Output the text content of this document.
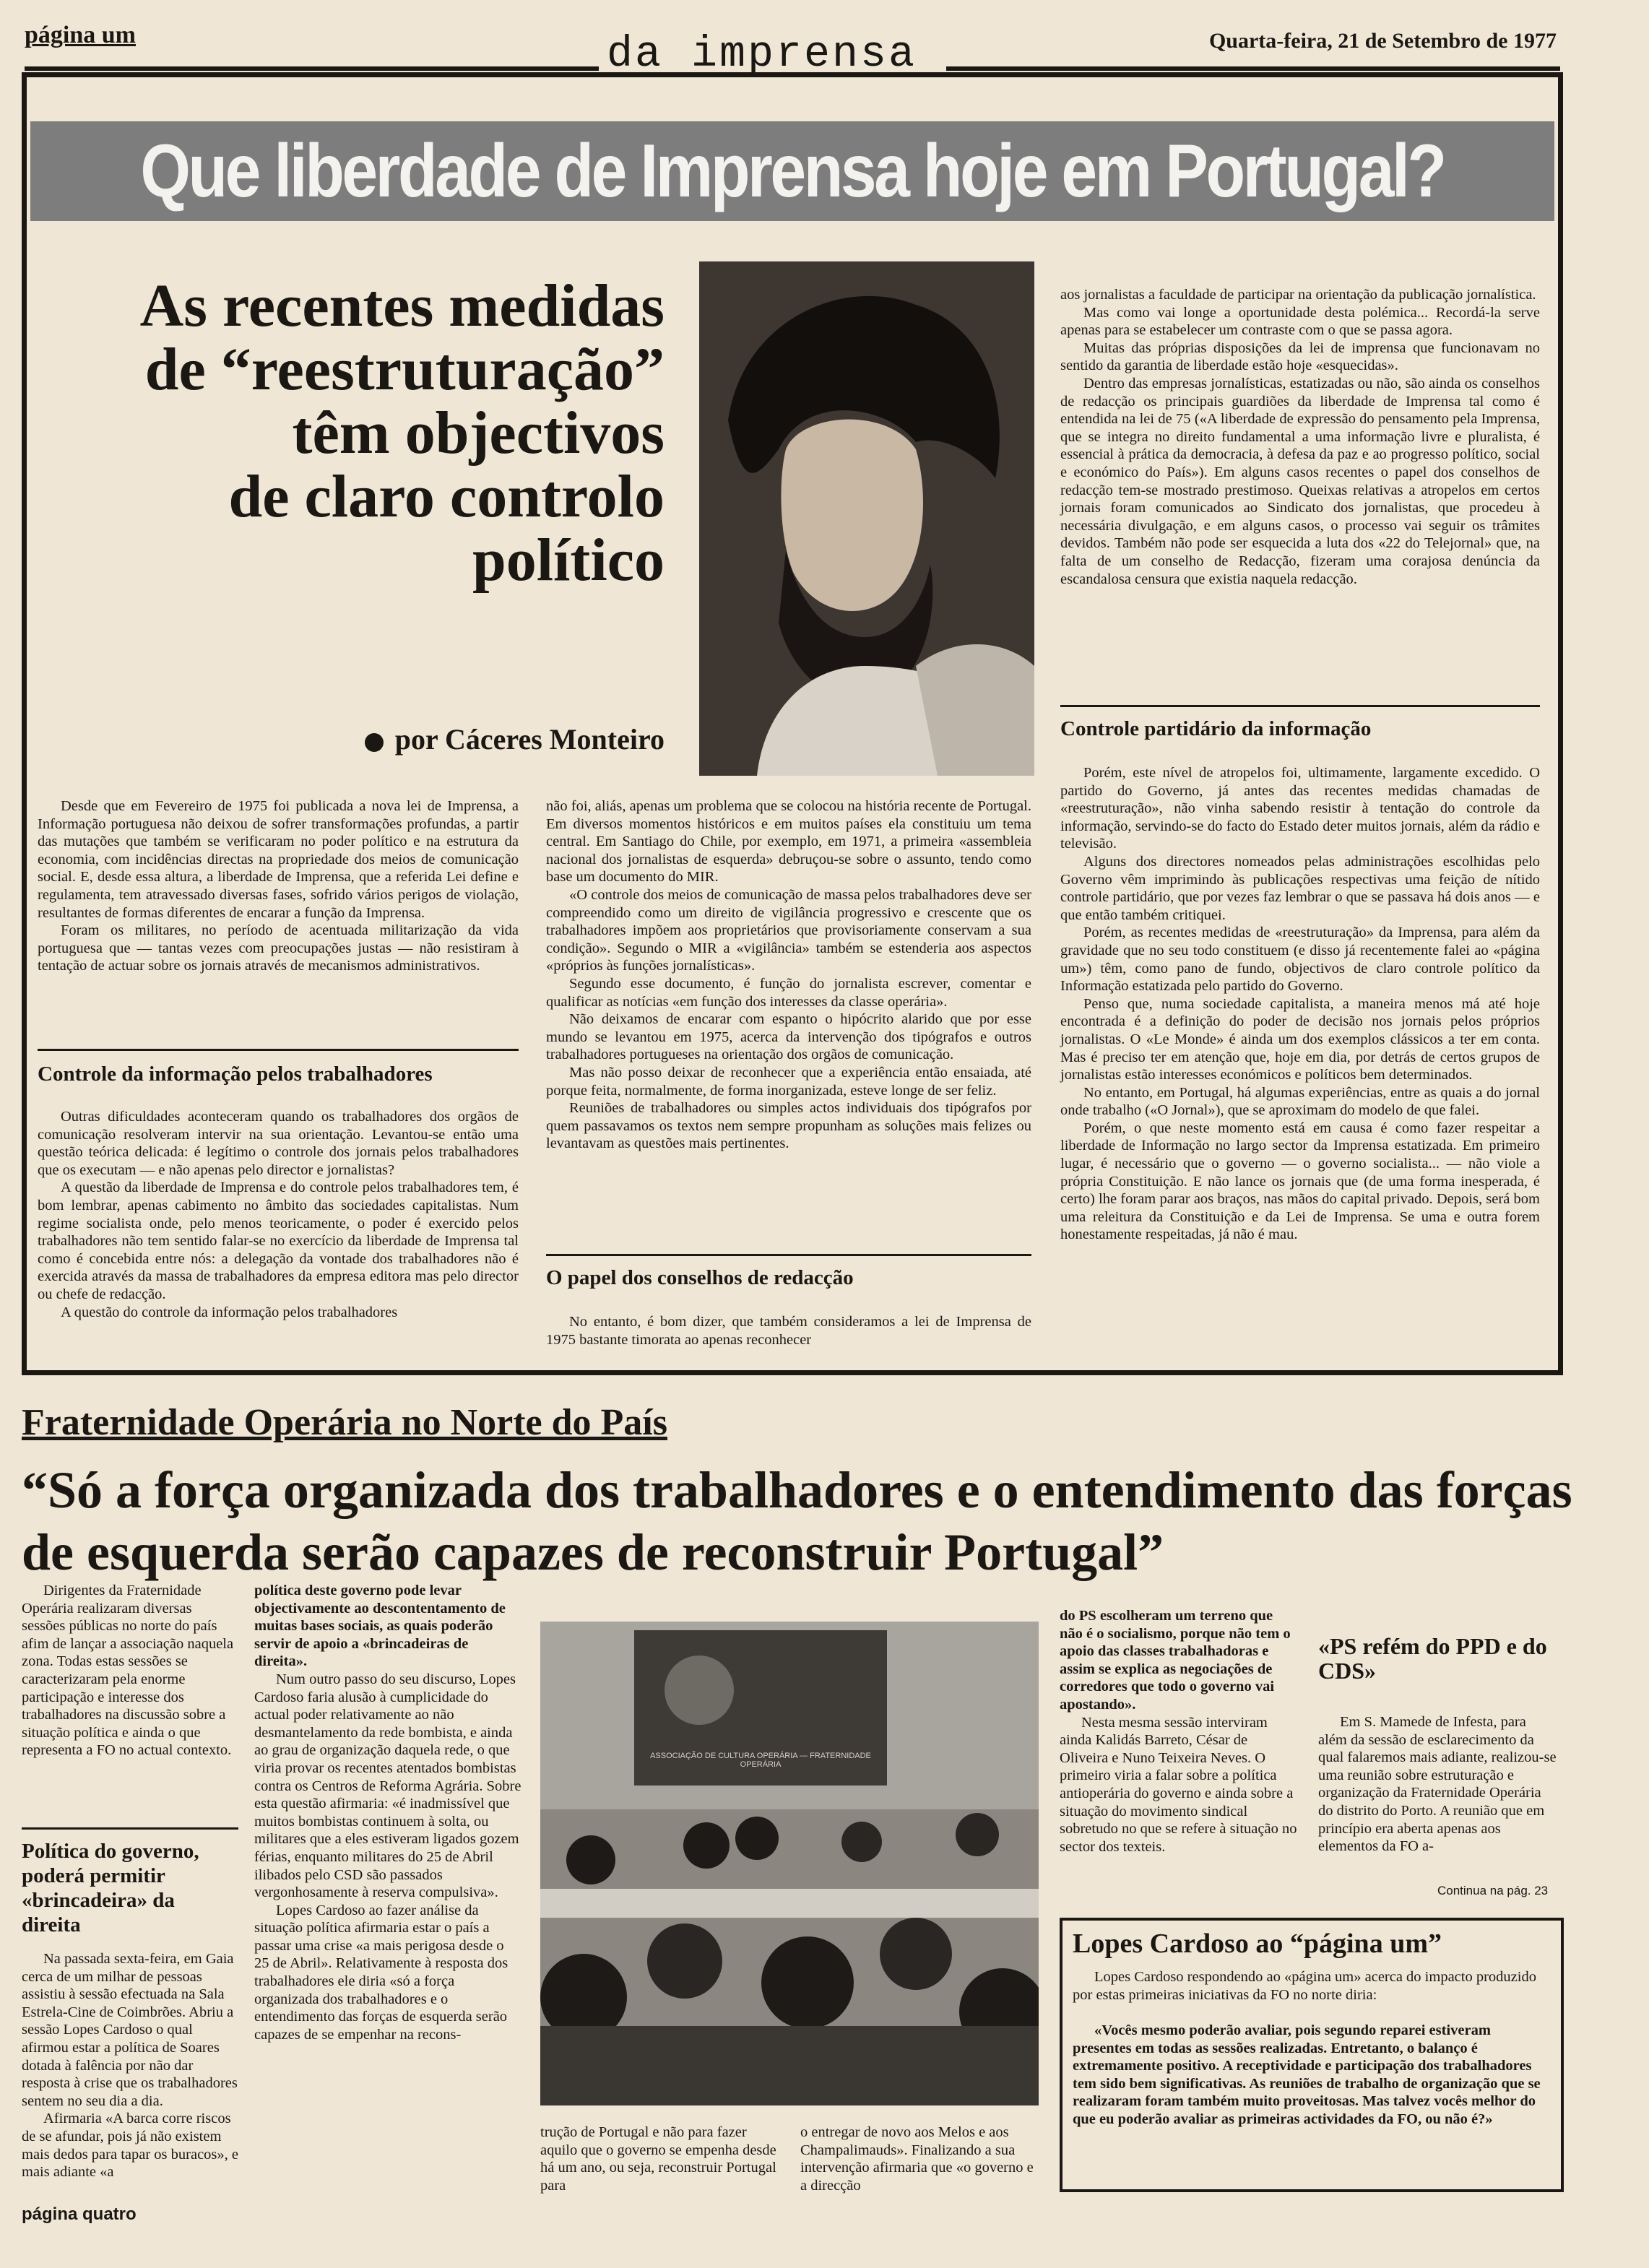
página um	da imprensa	Quarta-feira, 21 de Setembro de 1977
Que liberdade de Imprensa hoje em Portugal?
As recentes medidas
de “reestruturação”
têm objectivos
de claro controlo
político
por Cáceres Monteiro

Desde que em Fevereiro de 1975 foi publicada a nova lei de Imprensa, a Informação portuguesa não deixou de sofrer transformações profundas, a partir das mutações que também se verificaram no poder político e na estrutura da economia, com incidências directas na propriedade dos meios de comunicação social. E, desde essa altura, a liberdade de Imprensa, que a referida Lei define e regulamenta, tem atravessado diversas fases, sofrido vários perigos de violação, resultantes de formas diferentes de encarar a função da Imprensa.

Foram os militares, no período de acentuada militarização da vida portuguesa que — tantas vezes com preocupações justas — não resistiram à tentação de actuar sobre os jornais através de mecanismos administrativos.

Controle da informação pelos trabalhadores

Outras dificuldades aconteceram quando os trabalhadores dos orgãos de comunicação resolveram intervir na sua orientação. Levantou-se então uma questão teórica delicada: é legítimo o controle dos jornais pelos trabalhadores que os executam — e não apenas pelo director e jornalistas?

A questão da liberdade de Imprensa e do controle pelos trabalhadores tem, é bom lembrar, apenas cabimento no âmbito das sociedades capitalistas. Num regime socialista onde, pelo menos teoricamente, o poder é exercido pelos trabalhadores não tem sentido falar-se no exercício da liberdade de Imprensa tal como é concebida entre nós: a delegação da vontade dos trabalhadores não é exercida através da massa de trabalhadores da empresa editora mas pelo director ou chefe de redacção.

A questão do controle da informação pelos trabalhadores

não foi, aliás, apenas um problema que se colocou na história recente de Portugal. Em diversos momentos históricos e em muitos países ela constituiu um tema central. Em Santiago do Chile, por exemplo, em 1971, a primeira «assembleia nacional dos jornalistas de esquerda» debruçou-se sobre o assunto, tendo como base um documento do MIR.

«O controle dos meios de comunicação de massa pelos trabalhadores deve ser compreendido como um direito de vigilância progressivo e crescente que os trabalhadores impõem aos proprietários que provisoriamente conservam a sua condição». Segundo o MIR a «vigilância» também se estenderia aos aspectos «próprios às funções jornalísticas».

Segundo esse documento, é função do jornalista escrever, comentar e qualificar as notícias «em função dos interesses da classe operária».

Não deixamos de encarar com espanto o hipócrito alarido que por esse mundo se levantou em 1975, acerca da intervenção dos tipógrafos e outros trabalhadores portugueses na orientação dos orgãos de comunicação.

Mas não posso deixar de reconhecer que a experiência então ensaiada, até porque feita, normalmente, de forma inorganizada, esteve longe de ser feliz.

Reuniões de trabalhadores ou simples actos individuais dos tipógrafos por quem passavamos os textos nem sempre propunham as soluções mais felizes ou levantavam as questões mais pertinentes.

O papel dos conselhos de redacção

No entanto, é bom dizer, que também consideramos a lei de Imprensa de 1975 bastante timorata ao apenas reconhecer

aos jornalistas a faculdade de participar na orientação da publicação jornalística.

Mas como vai longe a oportunidade desta polémica... Recordá-la serve apenas para se estabelecer um contraste com o que se passa agora.

Muitas das próprias disposições da lei de imprensa que funcionavam no sentido da garantia de liberdade estão hoje «esquecidas».

Dentro das empresas jornalísticas, estatizadas ou não, são ainda os conselhos de redacção os principais guardiões da liberdade de Imprensa tal como é entendida na lei de 75 («A liberdade de expressão do pensamento pela Imprensa, que se integra no direito fundamental a uma informação livre e pluralista, é essencial à prática da democracia, à defesa da paz e ao progresso político, social e económico do País»). Em alguns casos recentes o papel dos conselhos de redacção tem-se mostrado prestimoso. Queixas relativas a atropelos em certos jornais foram comunicados ao Sindicato dos jornalistas, que procedeu à necessária divulgação, e em alguns casos, o processo vai seguir os trâmites devidos. Também não pode ser esquecida a luta dos «22 do Telejornal» que, na falta de um conselho de Redacção, fizeram uma corajosa denúncia da escandalosa censura que existia naquela redacção.

Controle partidário da informação

Porém, este nível de atropelos foi, ultimamente, largamente excedido. O partido do Governo, já antes das recentes medidas chamadas de «reestruturação», não vinha sabendo resistir à tentação do controle da informação, servindo-se do facto do Estado deter muitos jornais, além da rádio e televisão.

Alguns dos directores nomeados pelas administrações escolhidas pelo Governo vêm imprimindo às publicações respectivas uma feição de nítido controle partidário, que por vezes faz lembrar o que se passava há dois anos — e que então também critiquei.

Porém, as recentes medidas de «reestruturação» da Imprensa, para além da gravidade que no seu todo constituem (e disso já recentemente falei ao «página um») têm, como pano de fundo, objectivos de claro controle político da Informação estatizada pelo partido do Governo.

Penso que, numa sociedade capitalista, a maneira menos má até hoje encontrada é a definição do poder de decisão nos jornais pelos próprios jornalistas. O «Le Monde» é ainda um dos exemplos clássicos a ter em conta. Mas é preciso ter em atenção que, hoje em dia, por detrás de certos grupos de jornalistas estão interesses económicos e políticos bem determinados.

No entanto, em Portugal, há algumas experiências, entre as quais a do jornal onde trabalho («O Jornal»), que se aproximam do modelo de que falei.

Porém, o que neste momento está em causa é como fazer respeitar a liberdade de Informação no largo sector da Imprensa estatizada. Em primeiro lugar, é necessário que o governo — o governo socialista... — não viole a própria Constituição. E não lance os jornais que (de uma forma inesperada, é certo) lhe foram parar aos braços, nas mãos do capital privado. Depois, será bom uma releitura da Constituição e da Lei de Imprensa. Se uma e outra forem honestamente respeitadas, já não é mau.

Fraternidade Operária no Norte do País
“Só a força organizada dos trabalhadores e o entendimento das forças de esquerda serão capazes de reconstruir Portugal”

Dirigentes da Fraternidade Operária realizaram diversas sessões públicas no norte do país afim de lançar a associação naquela zona. Todas estas sessões se caracterizaram pela enorme participação e interesse dos trabalhadores na discussão sobre a situação política e ainda o que representa a FO no actual contexto.

Política do governo, poderá permitir «brincadeira» da direita

Na passada sexta-feira, em Gaia cerca de um milhar de pessoas assistiu à sessão efectuada na Sala Estrela-Cine de Coimbrões. Abriu a sessão Lopes Cardoso o qual afirmou estar a política de Soares dotada à falência por não dar resposta à crise que os trabalhadores sentem no seu dia a dia.

Afirmaria «A barca corre riscos de se afundar, pois já não existem mais dedos para tapar os buracos», e mais adiante «a

política deste governo pode levar objectivamente ao descontentamento de muitas bases sociais, as quais poderão servir de apoio a «brincadeiras de direita».

Num outro passo do seu discurso, Lopes Cardoso faria alusão à cumplicidade do actual poder relativamente ao não desmantelamento da rede bombista, e ainda ao grau de organização daquela rede, o que viria provar os recentes atentados bombistas contra os Centros de Reforma Agrária. Sobre esta questão afirmaria: «é inadmissível que muitos bombistas continuem à solta, ou militares que a eles estiveram ligados gozem férias, enquanto militares do 25 de Abril ilibados pelo CSD são passados vergonhosamente à reserva compulsiva».

Lopes Cardoso ao fazer análise da situação política afirmaria estar o país a passar uma crise «a mais perigosa desde o 25 de Abril». Relativamente à resposta dos trabalhadores ele diria «só a força organizada dos trabalhadores e o entendimento das forças de esquerda serão capazes de se empenhar na recons-

ASSOCIAÇÃO DE CULTURA OPERÁRIA — FRATERNIDADE OPERÁRIA
trução de Portugal e não para fazer aquilo que o governo se empenha desde há um ano, ou seja, reconstruir Portugal para
o entregar de novo aos Melos e aos Champalimauds». Finalizando a sua intervenção afirmaria que «o governo e a direcção

do PS escolheram um terreno que não é o socialismo, porque não tem o apoio das classes trabalhadoras e assim se explica as negociações de corredores que todo o governo vai apostando».

Nesta mesma sessão interviram ainda Kalidás Barreto, César de Oliveira e Nuno Teixeira Neves. O primeiro viria a falar sobre a política antioperária do governo e ainda sobre a situação do movimento sindical sobretudo no que se refere à situação no sector dos texteis.

«PS refém do PPD e do CDS»

Em S. Mamede de Infesta, para além da sessão de esclarecimento da qual falaremos mais adiante, realizou-se uma reunião sobre estruturação e organização da Fraternidade Operária do distrito do Porto. A reunião que em princípio era aberta apenas aos elementos da FO a-

Continua na pág. 23
Lopes Cardoso ao “página um”
Lopes Cardoso respondendo ao «página um» acerca do impacto produzido por estas primeiras iniciativas da FO no norte diria:
«Vocês mesmo poderão avaliar, pois segundo reparei estiveram presentes em todas as sessões realizadas. Entretanto, o balanço é extremamente positivo. A receptividade e participação dos trabalhadores tem sido bem significativas. As reuniões de trabalho de organização que se realizaram foram também muito proveitosas. Mas talvez vocês melhor do que eu poderão avaliar as primeiras actividades da FO, ou não é?»
página quatro
